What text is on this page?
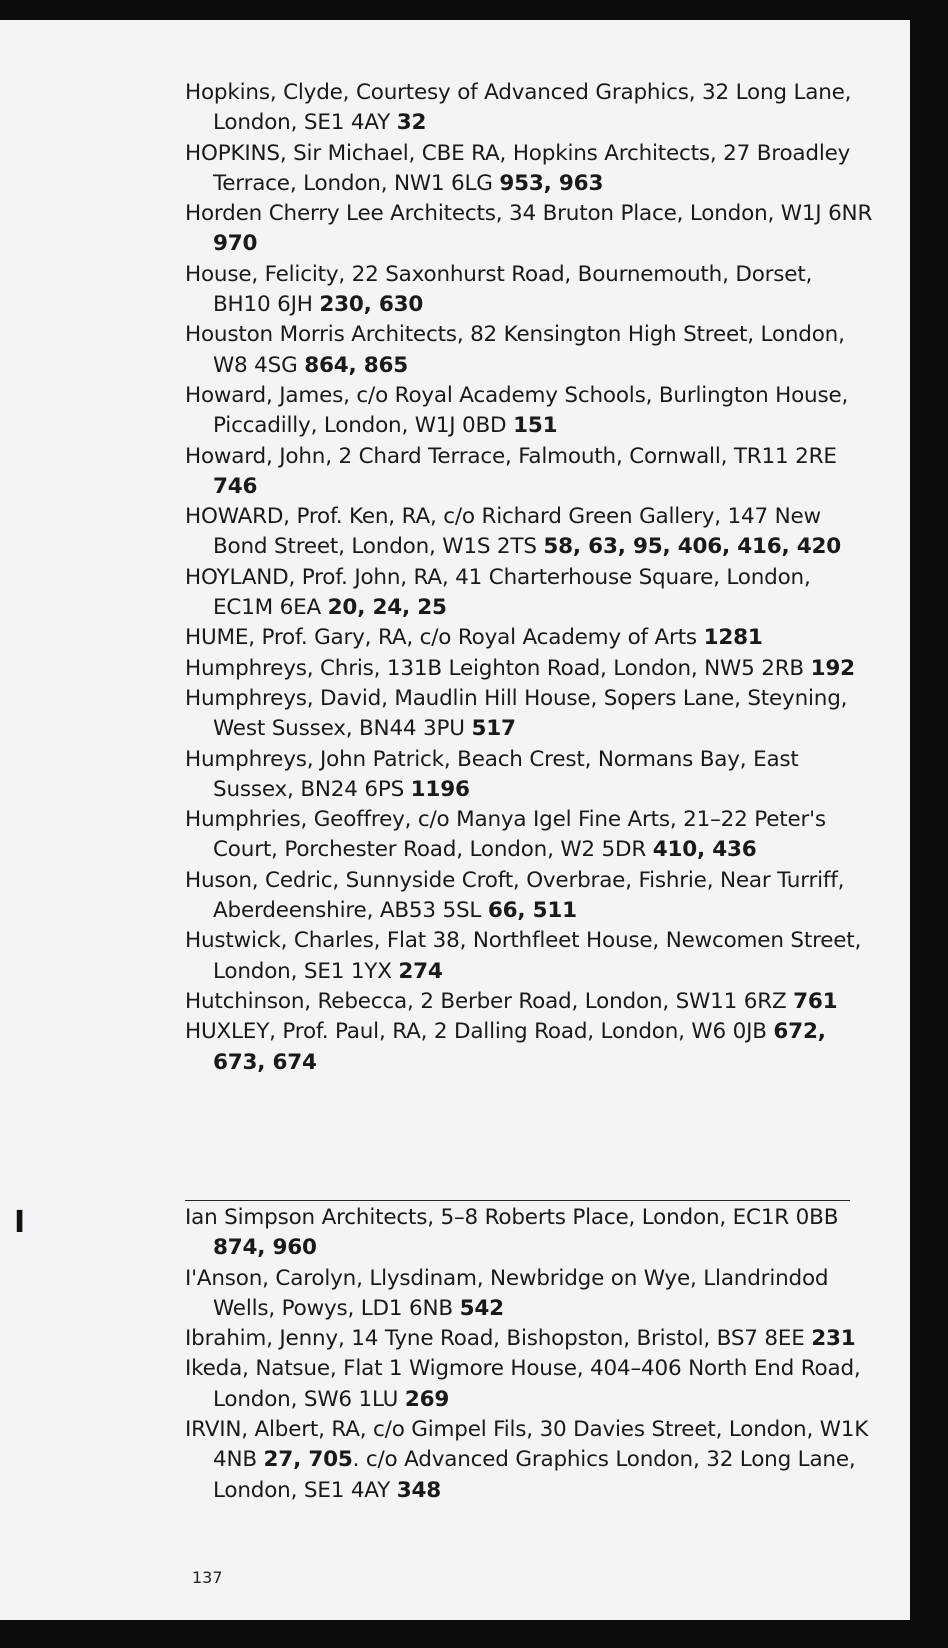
Hopkins, Clyde, Courtesy of Advanced Graphics, 32 Long Lane, London, SE1 4AY 32
HOPKINS, Sir Michael, CBE RA, Hopkins Architects, 27 Broadley Terrace, London, NW1 6LG 953, 963
Horden Cherry Lee Architects, 34 Bruton Place, London, W1J 6NR 970
House, Felicity, 22 Saxonhurst Road, Bournemouth, Dorset, BH10 6JH 230, 630
Houston Morris Architects, 82 Kensington High Street, London, W8 4SG 864, 865
Howard, James, c/o Royal Academy Schools, Burlington House, Piccadilly, London, W1J 0BD 151
Howard, John, 2 Chard Terrace, Falmouth, Cornwall, TR11 2RE 746
HOWARD, Prof. Ken, RA, c/o Richard Green Gallery, 147 New Bond Street, London, W1S 2TS 58, 63, 95, 406, 416, 420
HOYLAND, Prof. John, RA, 41 Charterhouse Square, London, EC1M 6EA 20, 24, 25
HUME, Prof. Gary, RA, c/o Royal Academy of Arts 1281
Humphreys, Chris, 131B Leighton Road, London, NW5 2RB 192
Humphreys, David, Maudlin Hill House, Sopers Lane, Steyning, West Sussex, BN44 3PU 517
Humphreys, John Patrick, Beach Crest, Normans Bay, East Sussex, BN24 6PS 1196
Humphries, Geoffrey, c/o Manya Igel Fine Arts, 21–22 Peter's Court, Porchester Road, London, W2 5DR 410, 436
Huson, Cedric, Sunnyside Croft, Overbrae, Fishrie, Near Turriff, Aberdeenshire, AB53 5SL 66, 511
Hustwick, Charles, Flat 38, Northfleet House, Newcomen Street, London, SE1 1YX 274
Hutchinson, Rebecca, 2 Berber Road, London, SW11 6RZ 761
HUXLEY, Prof. Paul, RA, 2 Dalling Road, London, W6 0JB 672, 673, 674
I	Ian Simpson Architects, 5–8 Roberts Place, London, EC1R 0BB 874, 960
I'Anson, Carolyn, Llysdinam, Newbridge on Wye, Llandrindod Wells, Powys, LD1 6NB 542
Ibrahim, Jenny, 14 Tyne Road, Bishopston, Bristol, BS7 8EE 231
Ikeda, Natsue, Flat 1 Wigmore House, 404–406 North End Road, London, SW6 1LU 269
IRVIN, Albert, RA, c/o Gimpel Fils, 30 Davies Street, London, W1K 4NB 27, 705. c/o Advanced Graphics London, 32 Long Lane, London, SE1 4AY 348
137
